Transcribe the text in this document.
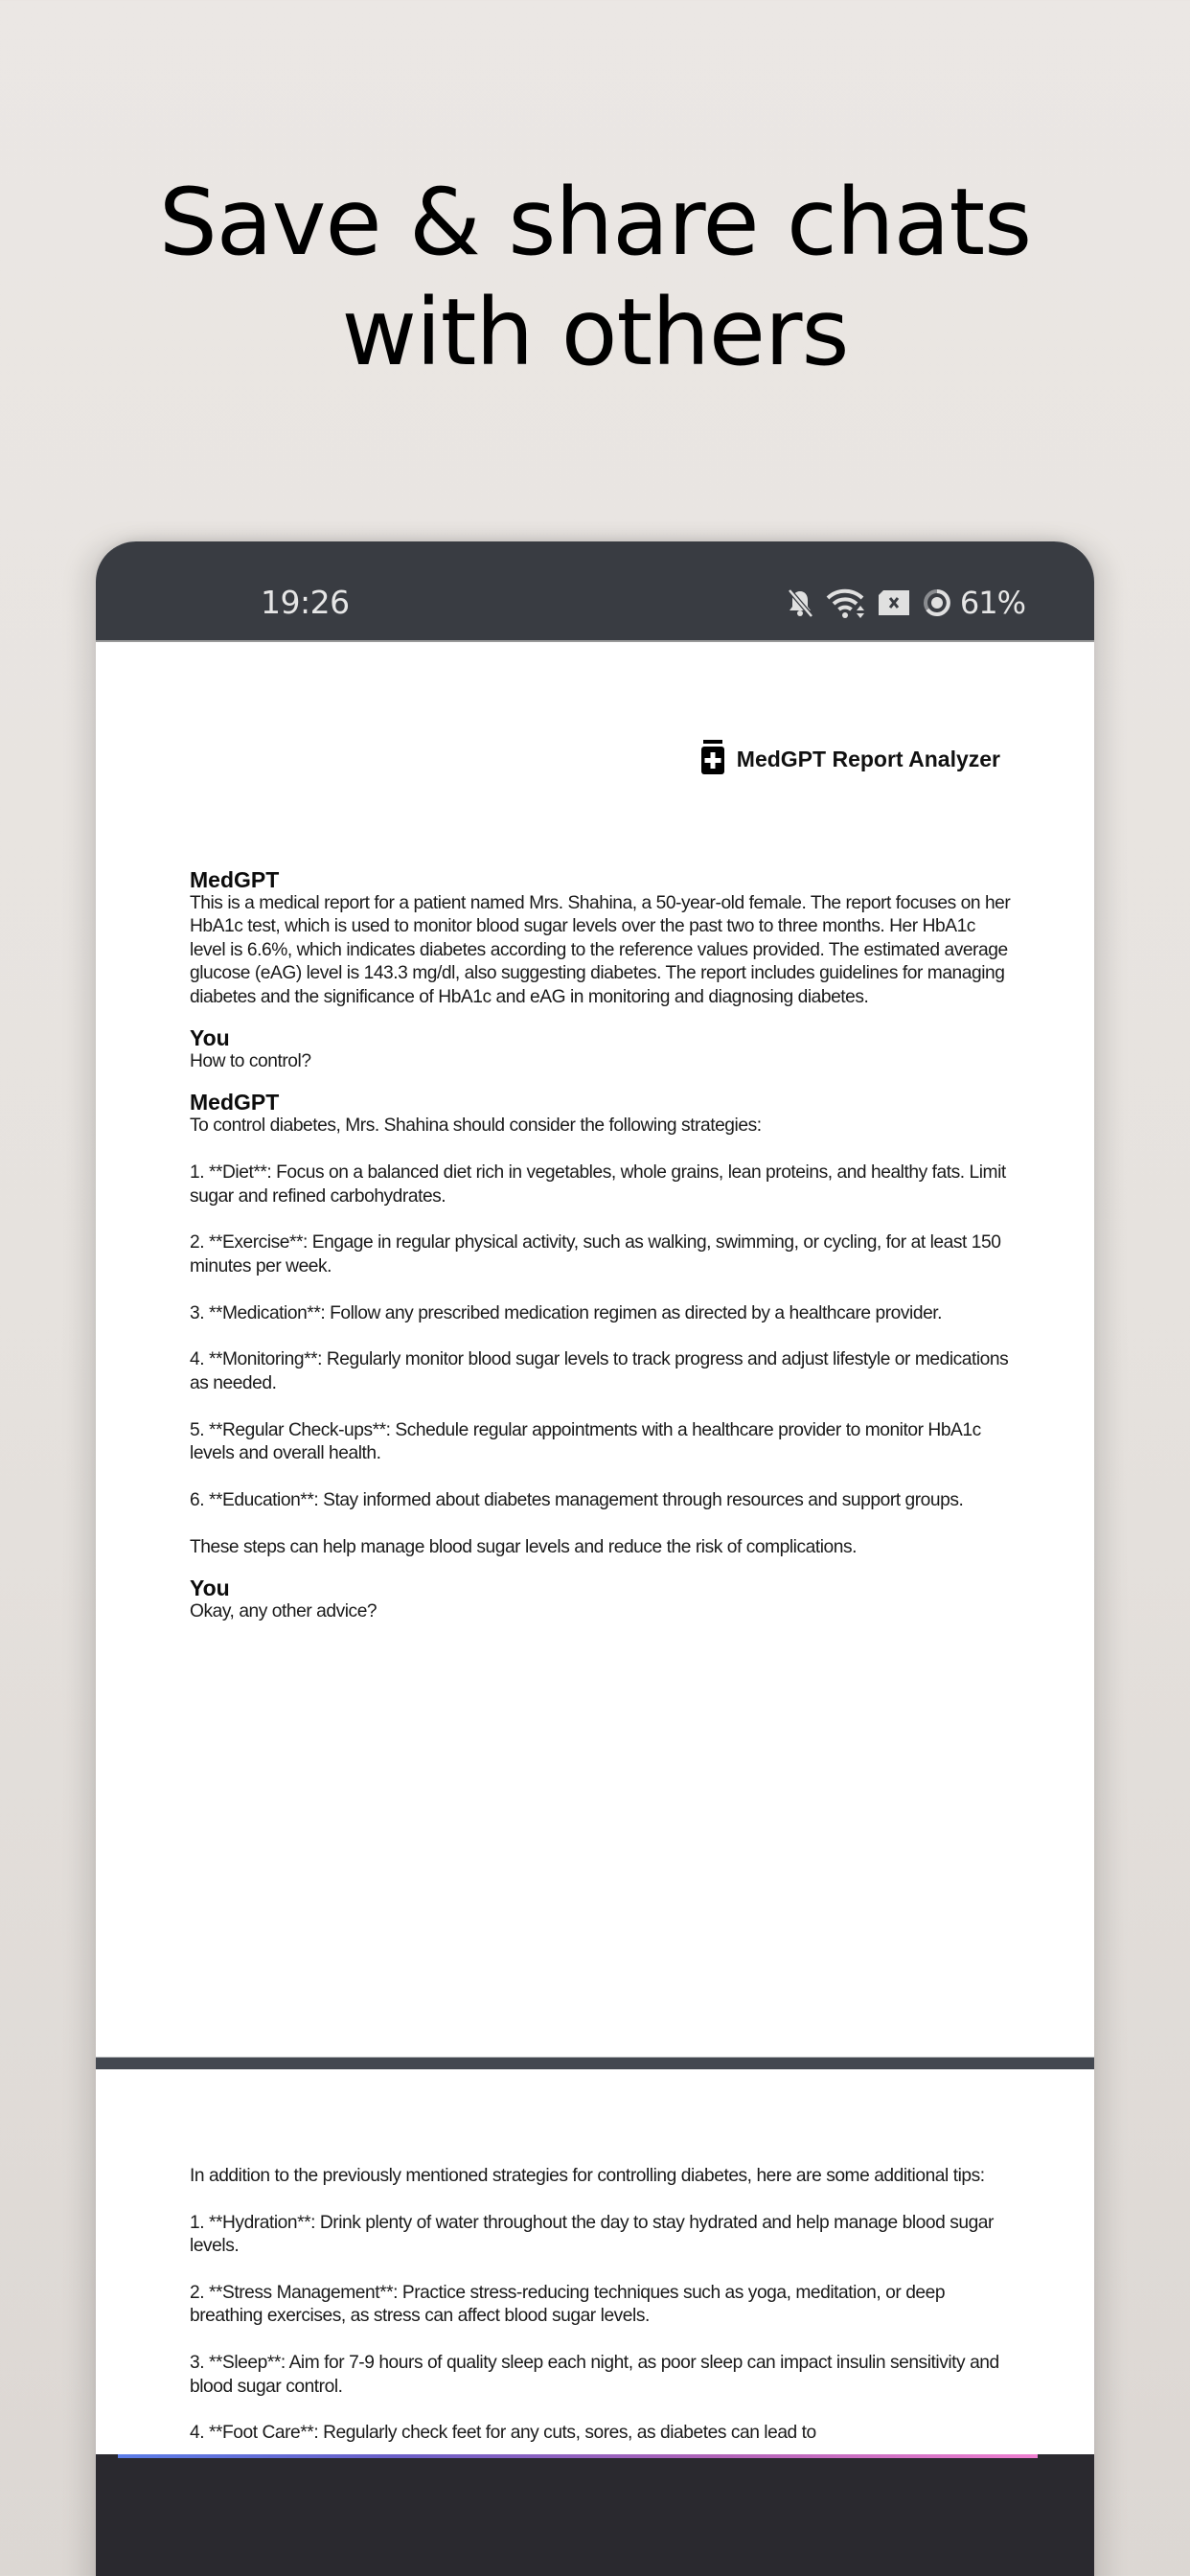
Save & share chats
with others
19:26	61%
MedGPT Report Analyzer
MedGPT
This is a medical report for a patient named Mrs. Shahina, a 50-year-old female. The report focuses on her HbA1c test, which is used to monitor blood sugar levels over the past two to three months. Her HbA1c level is 6.6%, which indicates diabetes according to the reference values provided. The estimated average glucose (eAG) level is 143.3 mg/dl, also suggesting diabetes. The report includes guidelines for managing diabetes and the significance of HbA1c and eAG in monitoring and diagnosing diabetes.
You
How to control?
MedGPT
To control diabetes, Mrs. Shahina should consider the following strategies:
1. **Diet**: Focus on a balanced diet rich in vegetables, whole grains, lean proteins, and healthy fats. Limit sugar and refined carbohydrates.
2. **Exercise**: Engage in regular physical activity, such as walking, swimming, or cycling, for at least 150 minutes per week.
3. **Medication**: Follow any prescribed medication regimen as directed by a healthcare provider.
4. **Monitoring**: Regularly monitor blood sugar levels to track progress and adjust lifestyle or medications as needed.
5. **Regular Check-ups**: Schedule regular appointments with a healthcare provider to monitor HbA1c levels and overall health.
6. **Education**: Stay informed about diabetes management through resources and support groups.
These steps can help manage blood sugar levels and reduce the risk of complications.
You
Okay, any other advice?
In addition to the previously mentioned strategies for controlling diabetes, here are some additional tips:
1. **Hydration**: Drink plenty of water throughout the day to stay hydrated and help manage blood sugar levels.
2. **Stress Management**: Practice stress-reducing techniques such as yoga, meditation, or deep breathing exercises, as stress can affect blood sugar levels.
3. **Sleep**: Aim for 7-9 hours of quality sleep each night, as poor sleep can impact insulin sensitivity and blood sugar control.
4. **Foot Care**: Regularly check feet for any cuts, sores, as diabetes can lead to
